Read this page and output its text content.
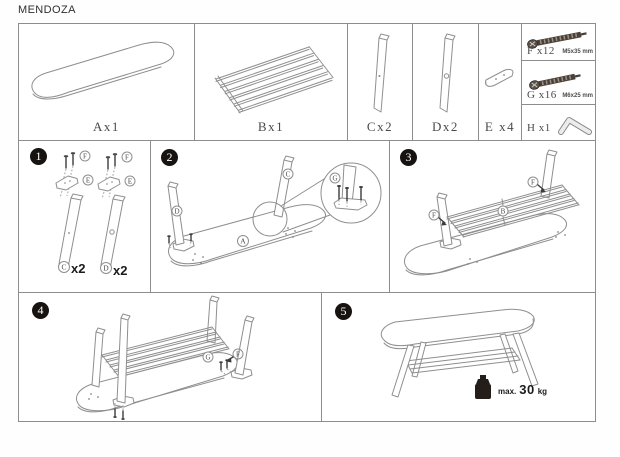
MENDOZA
Ax1	Bx1	Cx2	Dx2	E x4
F x12 M5x35 mm
G x16 M6x25 mm
H x1
1	F
E
C
F
E
D
x2 x2
2
A
D
C	G
3
B
F
F
4
G	F
5
max. 30 kg
